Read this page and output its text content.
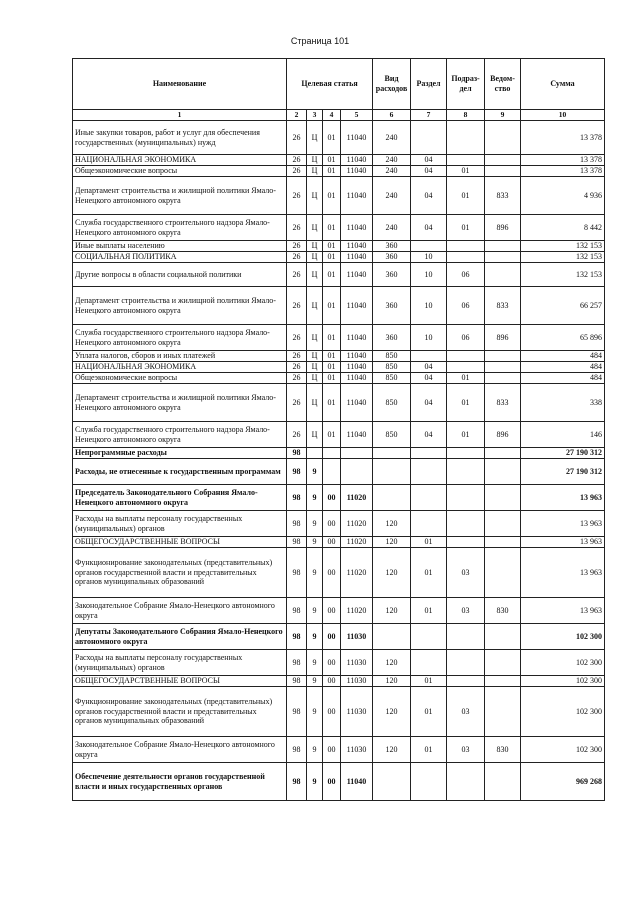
Страница 101
Наименование	Целевая статья				Вид расходов	Раздел	Подраз-дел	Ведом-ство	Сумма
1	2	3	4	5	6	7	8	9	10
Иные закупки товаров, работ и услуг для обеспечения государственных (муниципальных) нужд	26	Ц	01	11040	240				13 378
НАЦИОНАЛЬНАЯ ЭКОНОМИКА	26	Ц	01	11040	240	04			13 378
Общеэкономические вопросы	26	Ц	01	11040	240	04	01		13 378
Департамент строительства и жилищной политики Ямало-Ненецкого автономного округа	26	Ц	01	11040	240	04	01	833	4 936
Служба государственного строительного надзора Ямало-Ненецкого автономного округа	26	Ц	01	11040	240	04	01	896	8 442
Иные выплаты населению	26	Ц	01	11040	360				132 153
СОЦИАЛЬНАЯ ПОЛИТИКА	26	Ц	01	11040	360	10			132 153
Другие вопросы в области социальной политики	26	Ц	01	11040	360	10	06		132 153
Департамент строительства и жилищной политики Ямало-Ненецкого автономного округа	26	Ц	01	11040	360	10	06	833	66 257
Служба государственного строительного надзора Ямало-Ненецкого автономного округа	26	Ц	01	11040	360	10	06	896	65 896
Уплата налогов, сборов и иных платежей	26	Ц	01	11040	850				484
НАЦИОНАЛЬНАЯ ЭКОНОМИКА	26	Ц	01	11040	850	04			484
Общеэкономические вопросы	26	Ц	01	11040	850	04	01		484
Департамент строительства и жилищной политики Ямало-Ненецкого автономного округа	26	Ц	01	11040	850	04	01	833	338
Служба государственного строительного надзора Ямало-Ненецкого автономного округа	26	Ц	01	11040	850	04	01	896	146
Непрограммные расходы	98								27 190 312
Расходы, не отнесенные к государственным программам	98	9							27 190 312
Председатель Законодательного Собрания Ямало-Ненецкого автономного округа	98	9	00	11020					13 963
Расходы на выплаты персоналу государственных (муниципальных) органов	98	9	00	11020	120				13 963
ОБЩЕГОСУДАРСТВЕННЫЕ ВОПРОСЫ	98	9	00	11020	120	01			13 963
Функционирование законодательных (представительных) органов государственной власти и представительных органов муниципальных образований	98	9	00	11020	120	01	03		13 963
Законодательное Собрание Ямало-Ненецкого автономного округа	98	9	00	11020	120	01	03	830	13 963
Депутаты Законодательного Собрания Ямало-Ненецкого автономного округа	98	9	00	11030					102 300
Расходы на выплаты персоналу государственных (муниципальных) органов	98	9	00	11030	120				102 300
ОБЩЕГОСУДАРСТВЕННЫЕ ВОПРОСЫ	98	9	00	11030	120	01			102 300
Функционирование законодательных (представительных) органов государственной власти и представительных органов муниципальных образований	98	9	00	11030	120	01	03		102 300
Законодательное Собрание Ямало-Ненецкого автономного округа	98	9	00	11030	120	01	03	830	102 300
Обеспечение деятельности органов государственной власти и иных государственных органов	98	9	00	11040					969 268
